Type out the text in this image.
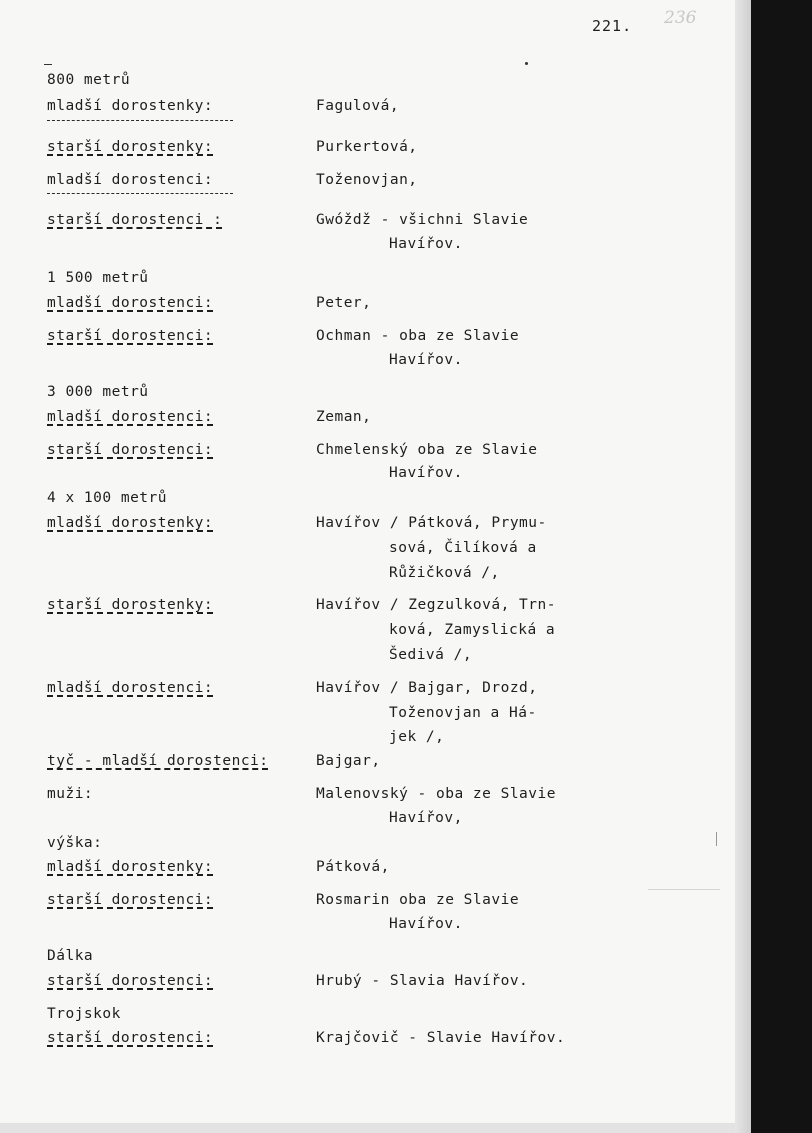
221. 236
800 metrů
mladší dorostenky:	Fagulová,
starší dorostenky:	Purkertová,
mladší dorostenci:	Toženovjan,
starší dorostenci :	Gwóždž - všichni Slavie
Havířov.
1 500 metrů
mladší dorostenci:	Peter,
starší dorostenci:	Ochman - oba ze Slavie
Havířov.
3 000 metrů
mladší dorostenci:	Zeman,
starší dorostenci:	Chmelenský oba ze Slavie
Havířov.
4 x 100 metrů
mladší dorostenky:	Havířov / Pátková, Prymu-
sová, Čilíková a
Růžičková /,
starší dorostenky:	Havířov / Zegzulková, Trn-
ková, Zamyslická a
Šedivá /,
mladší dorostenci:	Havířov / Bajgar, Drozd,
Toženovjan a Há-
jek /,
tyč - mladší dorostenci:	Bajgar,
muži:	Malenovský - oba ze Slavie
Havířov,
výška:
mladší dorostenky:	Pátková,
starší dorostenci:	Rosmarin oba ze Slavie
Havířov.
Dálka
starší dorostenci:	Hrubý - Slavia Havířov.
Trojskok
starší dorostenci:	Krajčovič - Slavie Havířov.
